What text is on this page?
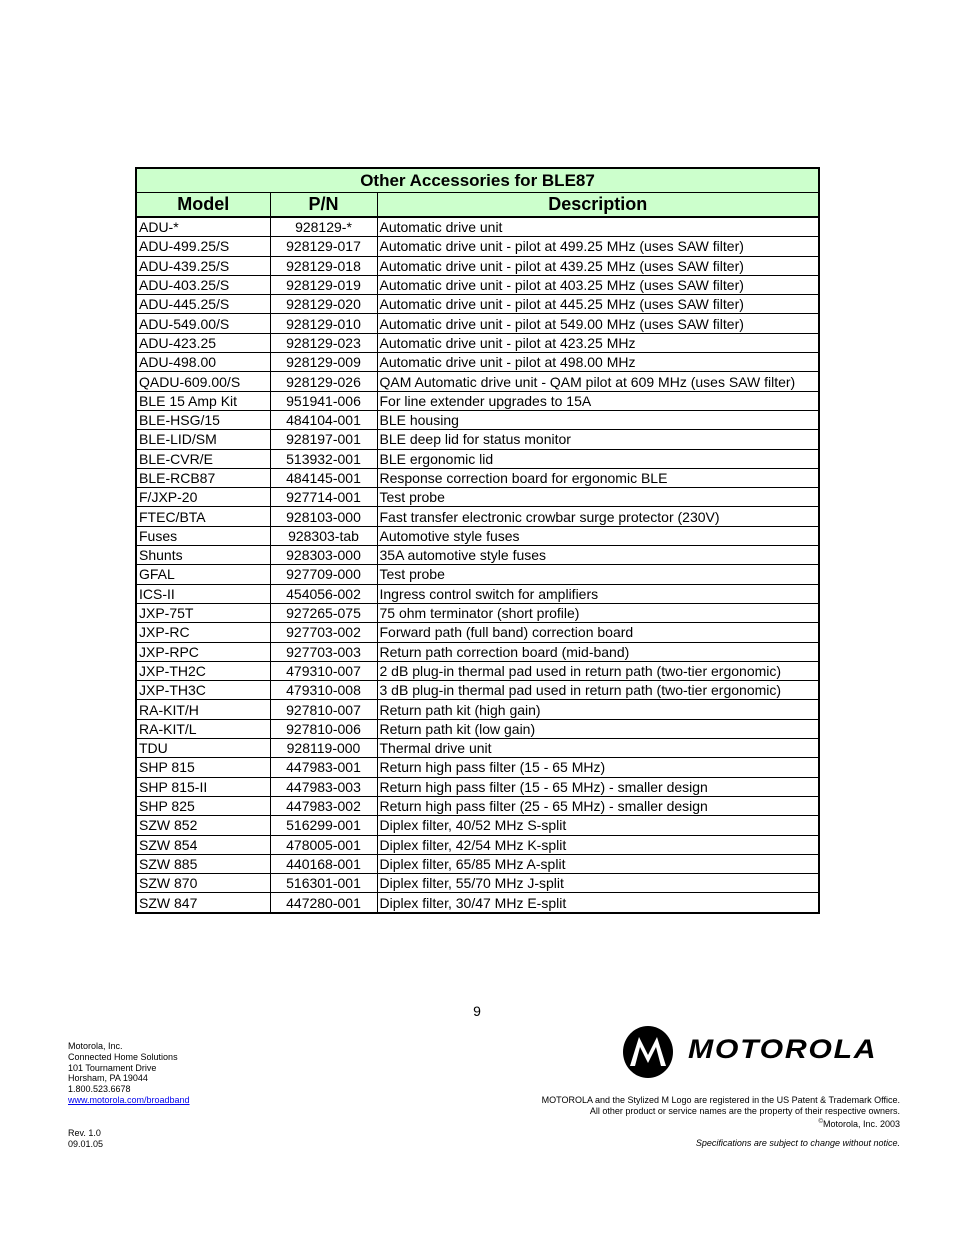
Other Accessories for BLE87		
Model	P/N	Description
ADU-*	928129-*	Automatic drive unit
ADU-499.25/S	928129-017	Automatic drive unit - pilot at 499.25 MHz (uses SAW filter)
ADU-439.25/S	928129-018	Automatic drive unit - pilot at 439.25 MHz (uses SAW filter)
ADU-403.25/S	928129-019	Automatic drive unit - pilot at 403.25 MHz (uses SAW filter)
ADU-445.25/S	928129-020	Automatic drive unit - pilot at 445.25 MHz (uses SAW filter)
ADU-549.00/S	928129-010	Automatic drive unit - pilot at 549.00 MHz (uses SAW filter)
ADU-423.25	928129-023	Automatic drive unit - pilot at 423.25 MHz
ADU-498.00	928129-009	Automatic drive unit - pilot at 498.00 MHz
QADU-609.00/S	928129-026	QAM Automatic drive unit - QAM pilot at 609 MHz (uses SAW filter)
BLE 15 Amp Kit	951941-006	For line extender upgrades to 15A
BLE-HSG/15	484104-001	BLE housing
BLE-LID/SM	928197-001	BLE deep lid for status monitor
BLE-CVR/E	513932-001	BLE ergonomic lid
BLE-RCB87	484145-001	Response correction board for ergonomic BLE
F/JXP-20	927714-001	Test probe
FTEC/BTA	928103-000	Fast transfer electronic crowbar surge protector (230V)
Fuses	928303-tab	Automotive style fuses
Shunts	928303-000	35A automotive style fuses
GFAL	927709-000	Test probe
ICS-II	454056-002	Ingress control switch for amplifiers
JXP-75T	927265-075	75 ohm terminator (short profile)
JXP-RC	927703-002	Forward path (full band) correction board
JXP-RPC	927703-003	Return path correction board (mid-band)
JXP-TH2C	479310-007	2 dB plug-in thermal pad used in return path (two-tier ergonomic)
JXP-TH3C	479310-008	3 dB plug-in thermal pad used in return path (two-tier ergonomic)
RA-KIT/H	927810-007	Return path kit (high gain)
RA-KIT/L	927810-006	Return path kit (low gain)
TDU	928119-000	Thermal drive unit
SHP 815	447983-001	Return high pass filter (15 - 65 MHz)
SHP 815-II	447983-003	Return high pass filter (15 - 65 MHz) - smaller design
SHP 825	447983-002	Return high pass filter (25 - 65 MHz) - smaller design
SZW 852	516299-001	Diplex filter, 40/52 MHz S-split
SZW 854	478005-001	Diplex filter, 42/54 MHz K-split
SZW 885	440168-001	Diplex filter, 65/85 MHz A-split
SZW 870	516301-001	Diplex filter, 55/70 MHz J-split
SZW 847	447280-001	Diplex filter, 30/47 MHz E-split
9
Motorola, Inc.
Connected Home Solutions
101 Tournament Drive
Horsham, PA 19044
1.800.523.6678
www.motorola.com/broadband
Rev. 1.0
09.01.05
MOTOROLA
MOTOROLA and the Stylized M Logo are registered in the US Patent & Trademark Office.
All other product or service names are the property of their respective owners.
©Motorola, Inc. 2003
Specifications are subject to change without notice.
